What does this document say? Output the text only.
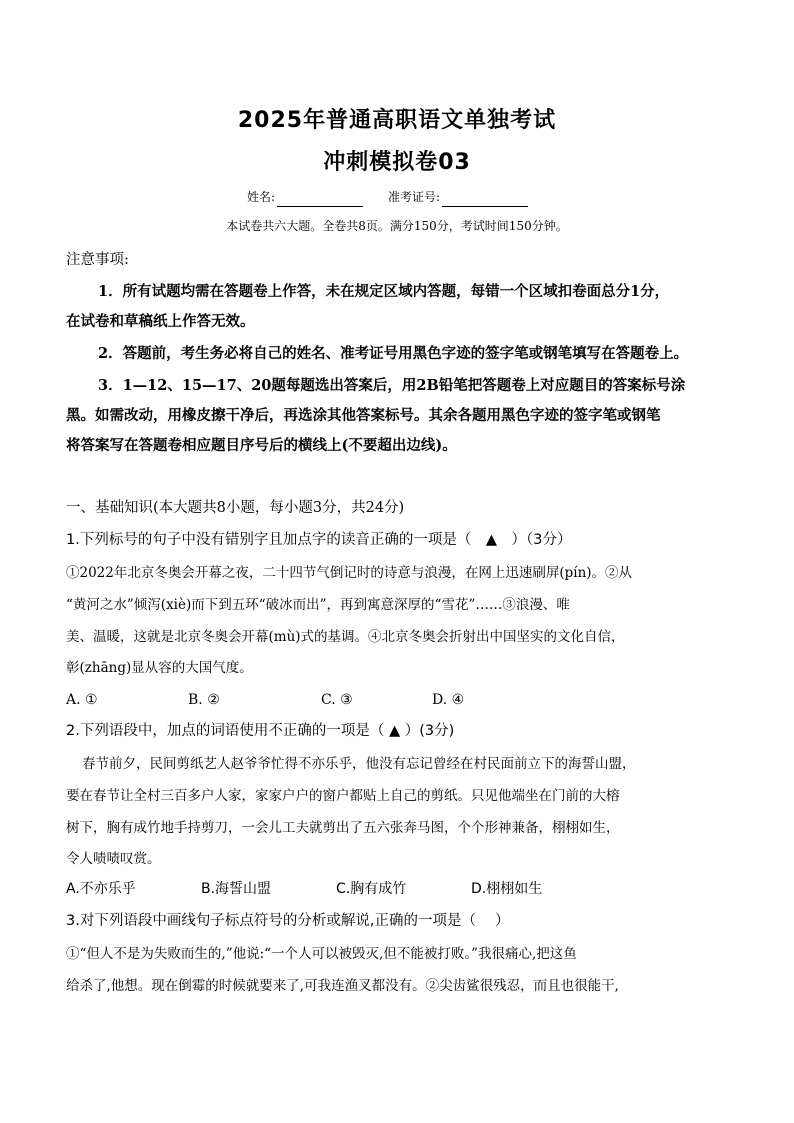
2025年普通高职语文单独考试
冲刺模拟卷03
姓名:	准考证号:
本试卷共六大题。全卷共8页。满分150分，考试时间150分钟。
注意事项:
1．所有试题均需在答题卷上作答，未在规定区域内答题，每错一个区域扣卷面总分1分，
在试卷和草稿纸上作答无效。
2．答题前，考生务必将自己的姓名、准考证号用黑色字迹的签字笔或钢笔填写在答题卷上。
3．1—12、15—17、20题每题选出答案后，用2B铅笔把答题卷上对应题目的答案标号涂
黑。如需改动，用橡皮擦干净后，再选涂其他答案标号。其余各题用黑色字迹的签字笔或钢笔
将答案写在答题卷相应题目序号后的横线上(不要超出边线)。
一、基础知识(本大题共8小题，每小题3分，共24分)
1.下列标号的句子中没有错别字且加点字的读音正确的一项是（　▲　）（3分）
①2022年北京冬奥会开幕之夜，二十四节气倒记时的诗意与浪漫，在网上迅速刷屏(pín)。②从
“黄河之水”倾泻(xiè)而下到五环“破冰而出”，再到寓意深厚的“雪花”……③浪漫、唯
美、温暖，这就是北京冬奥会开幕(mù)式的基调。④北京冬奥会折射出中国坚实的文化自信，
彰(zhāng)显从容的大国气度。
A. ①	B. ②	C. ③	D. ④
2.下列语段中，加点的词语使用不正确的一项是（ ▲ ）(3分)
春节前夕，民间剪纸艺人赵爷爷忙得不亦乐乎，他没有忘记曾经在村民面前立下的海誓山盟，
要在春节让全村三百多户人家，家家户户的窗户都贴上自己的剪纸。只见他端坐在门前的大榕
树下，胸有成竹地手持剪刀，一会儿工夫就剪出了五六张奔马图，个个形神兼备，栩栩如生，
令人啧啧叹赏。
A.不亦乐乎	B.海誓山盟	C.胸有成竹	D.栩栩如生
3.对下列语段中画线句子标点符号的分析或解说,正确的一项是（　 ）
①“但人不是为失败而生的,”他说:“一个人可以被毁灭,但不能被打败。”我很痛心,把这鱼
给杀了,他想。现在倒霉的时候就要来了,可我连渔叉都没有。②尖齿鲨很残忍，而且也很能干,
